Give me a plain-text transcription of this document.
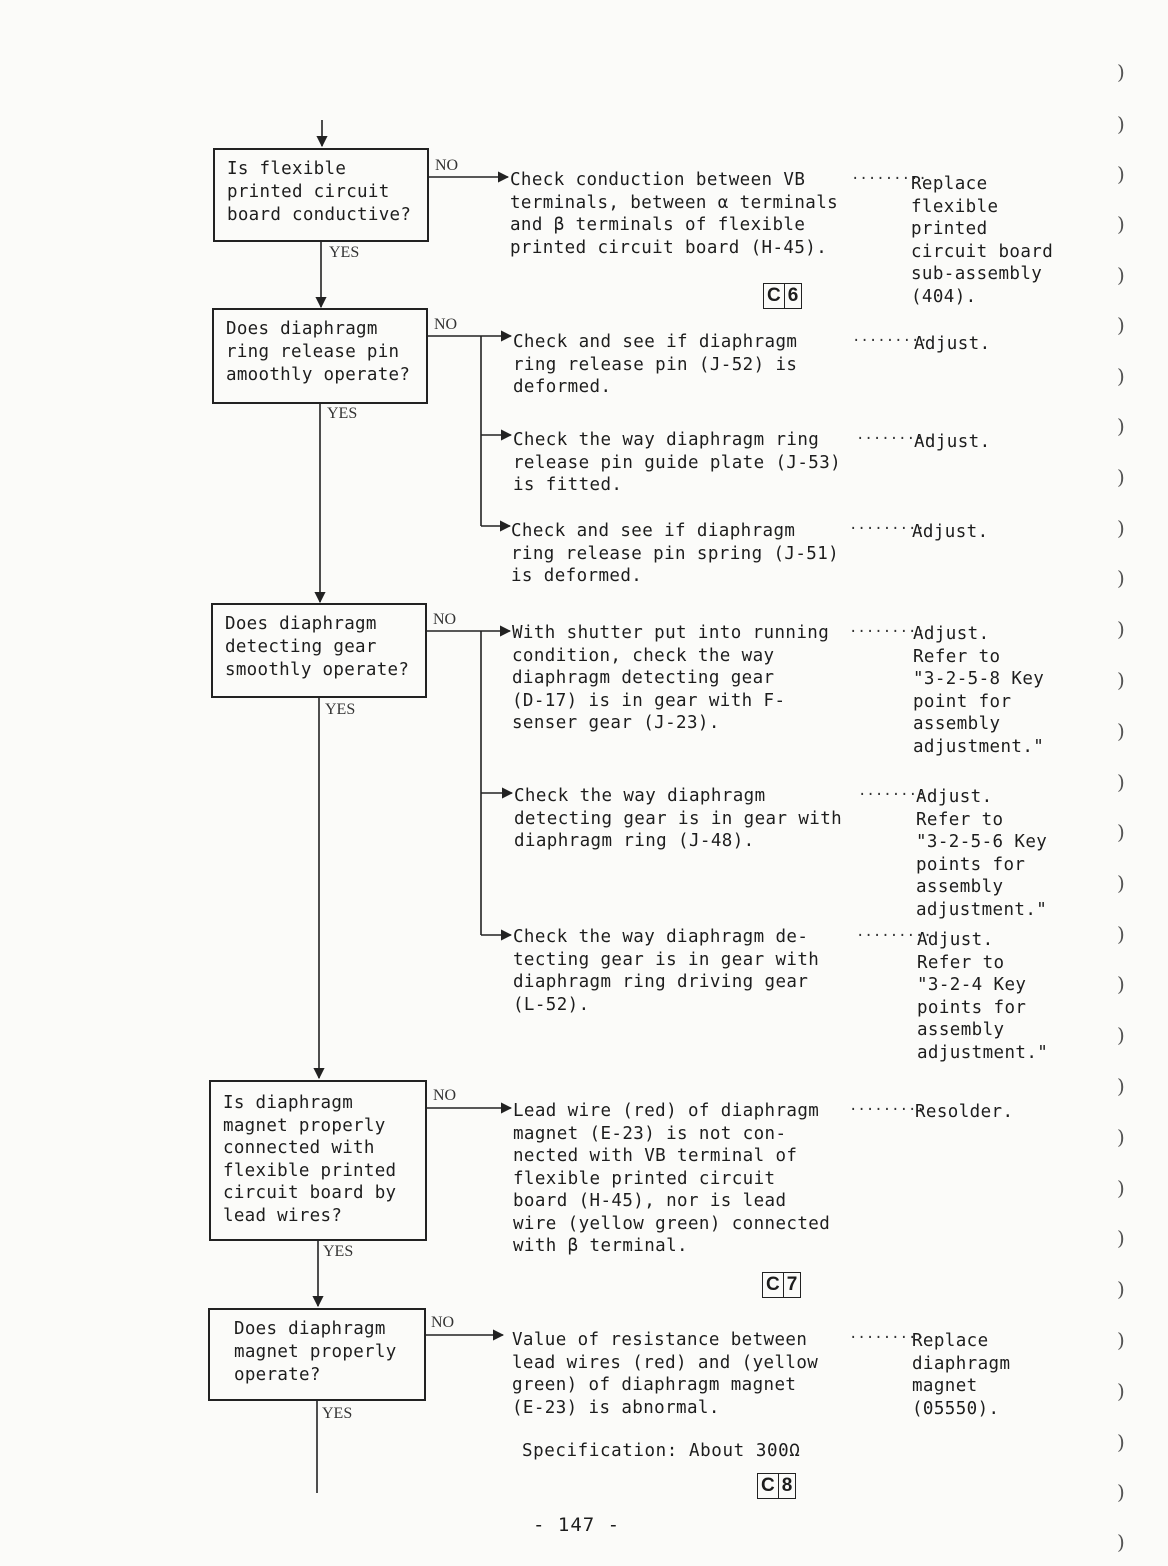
Is flexible
printed circuit
board conductive?
NO
YES
Check conduction between VB
terminals, between α terminals
and β terminals of flexible
printed circuit board (H-45).
·········
Replace
flexible
printed
circuit board
sub-assembly
(404).
C 6
Does diaphragm
ring release pin
amoothly operate?
NO
YES
Check and see if diaphragm
ring release pin (J-52) is
deformed.
·········
Adjust.
Check the way diaphragm ring
release pin guide plate (J-53)
is fitted.
·········
Adjust.
Check and see if diaphragm
ring release pin spring (J-51)
is deformed.
·········
Adjust.
Does diaphragm
detecting gear
smoothly operate?
NO
YES
With shutter put into running
condition, check the way
diaphragm detecting gear
(D-17) is in gear with F-
senser gear (J-23).
·········
Adjust.
Refer to
"3-2-5-8 Key
point for
assembly
adjustment."
Check the way diaphragm
detecting gear is in gear with
diaphragm ring (J-48).
·········
Adjust.
Refer to
"3-2-5-6 Key
points for
assembly
adjustment."
Check the way diaphragm de-
tecting gear is in gear with
diaphragm ring driving gear
(L-52).
·········
Adjust.
Refer to
"3-2-4 Key
points for
assembly
adjustment."
Is diaphragm
magnet properly
connected with
flexible printed
circuit board by
lead wires?
NO
YES
Lead wire (red) of diaphragm
magnet (E-23) is not con-
nected with VB terminal of
flexible printed circuit
board (H-45), nor is lead
wire (yellow green) connected
with β terminal.
·········
Resolder.
C 7
Does diaphragm
magnet properly
operate?
NO
YES
Value of resistance between
lead wires (red) and (yellow
green) of diaphragm magnet
(E-23) is abnormal.
·········
Replace
diaphragm
magnet
(05550).
Specification: About 300Ω
C 8
- 147 -
)
)
)
)
)
)
)
)
)
)
)
)
)
)
)
)
)
)
)
)
)
)
)
)
)
)
)
)
)
)
